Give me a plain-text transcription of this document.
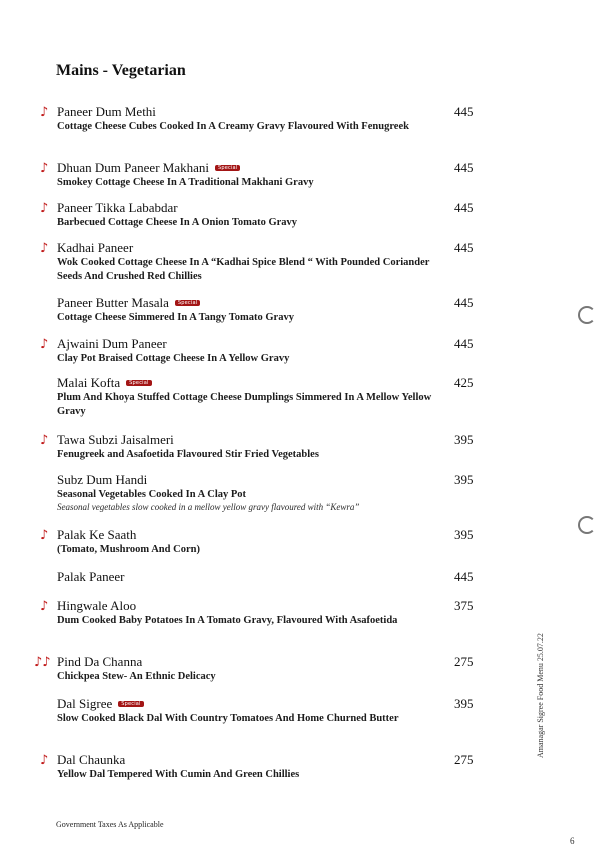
Mains - Vegetarian
♪ Paneer Dum Methi
Cottage Cheese Cubes Cooked In A Creamy Gravy Flavoured With Fenugreek
445
♪ Dhuan Dum Paneer Makhani Special
Smokey Cottage Cheese In A Traditional Makhani Gravy
445
♪ Paneer Tikka Lababdar
Barbecued Cottage Cheese In A Onion Tomato Gravy
445
♪ Kadhai Paneer
Wok Cooked Cottage Cheese In A “Kadhai Spice Blend “ With Pounded Coriander Seeds And Crushed Red Chillies
445
Paneer Butter Masala Special
Cottage Cheese Simmered In A Tangy Tomato Gravy
445
♪ Ajwaini Dum Paneer
Clay Pot Braised Cottage Cheese In A Yellow Gravy
445
Malai Kofta Special
Plum And Khoya Stuffed Cottage Cheese Dumplings Simmered In A Mellow Yellow Gravy
425
♪ Tawa Subzi Jaisalmeri
Fenugreek and Asafoetida Flavoured Stir Fried Vegetables
395
Subz Dum Handi
Seasonal Vegetables Cooked In A Clay Pot
Seasonal vegetables slow cooked in a mellow yellow gravy flavoured with “Kewra”
395
♪ Palak Ke Saath
(Tomato, Mushroom And Corn)
395
Palak Paneer	445
♪ Hingwale Aloo
Dum Cooked Baby Potatoes In A Tomato Gravy, Flavoured With Asafoetida
375
♪♪ Pind Da Channa
Chickpea Stew- An Ethnic Delicacy
275
Dal Sigree Special
Slow Cooked Black Dal With Country Tomatoes And Home Churned Butter
395
♪ Dal Chaunka
Yellow Dal Tempered With Cumin And Green Chillies
275
Government Taxes As Applicable
Amanagar Sigree Food Menu 25.07.22
6
